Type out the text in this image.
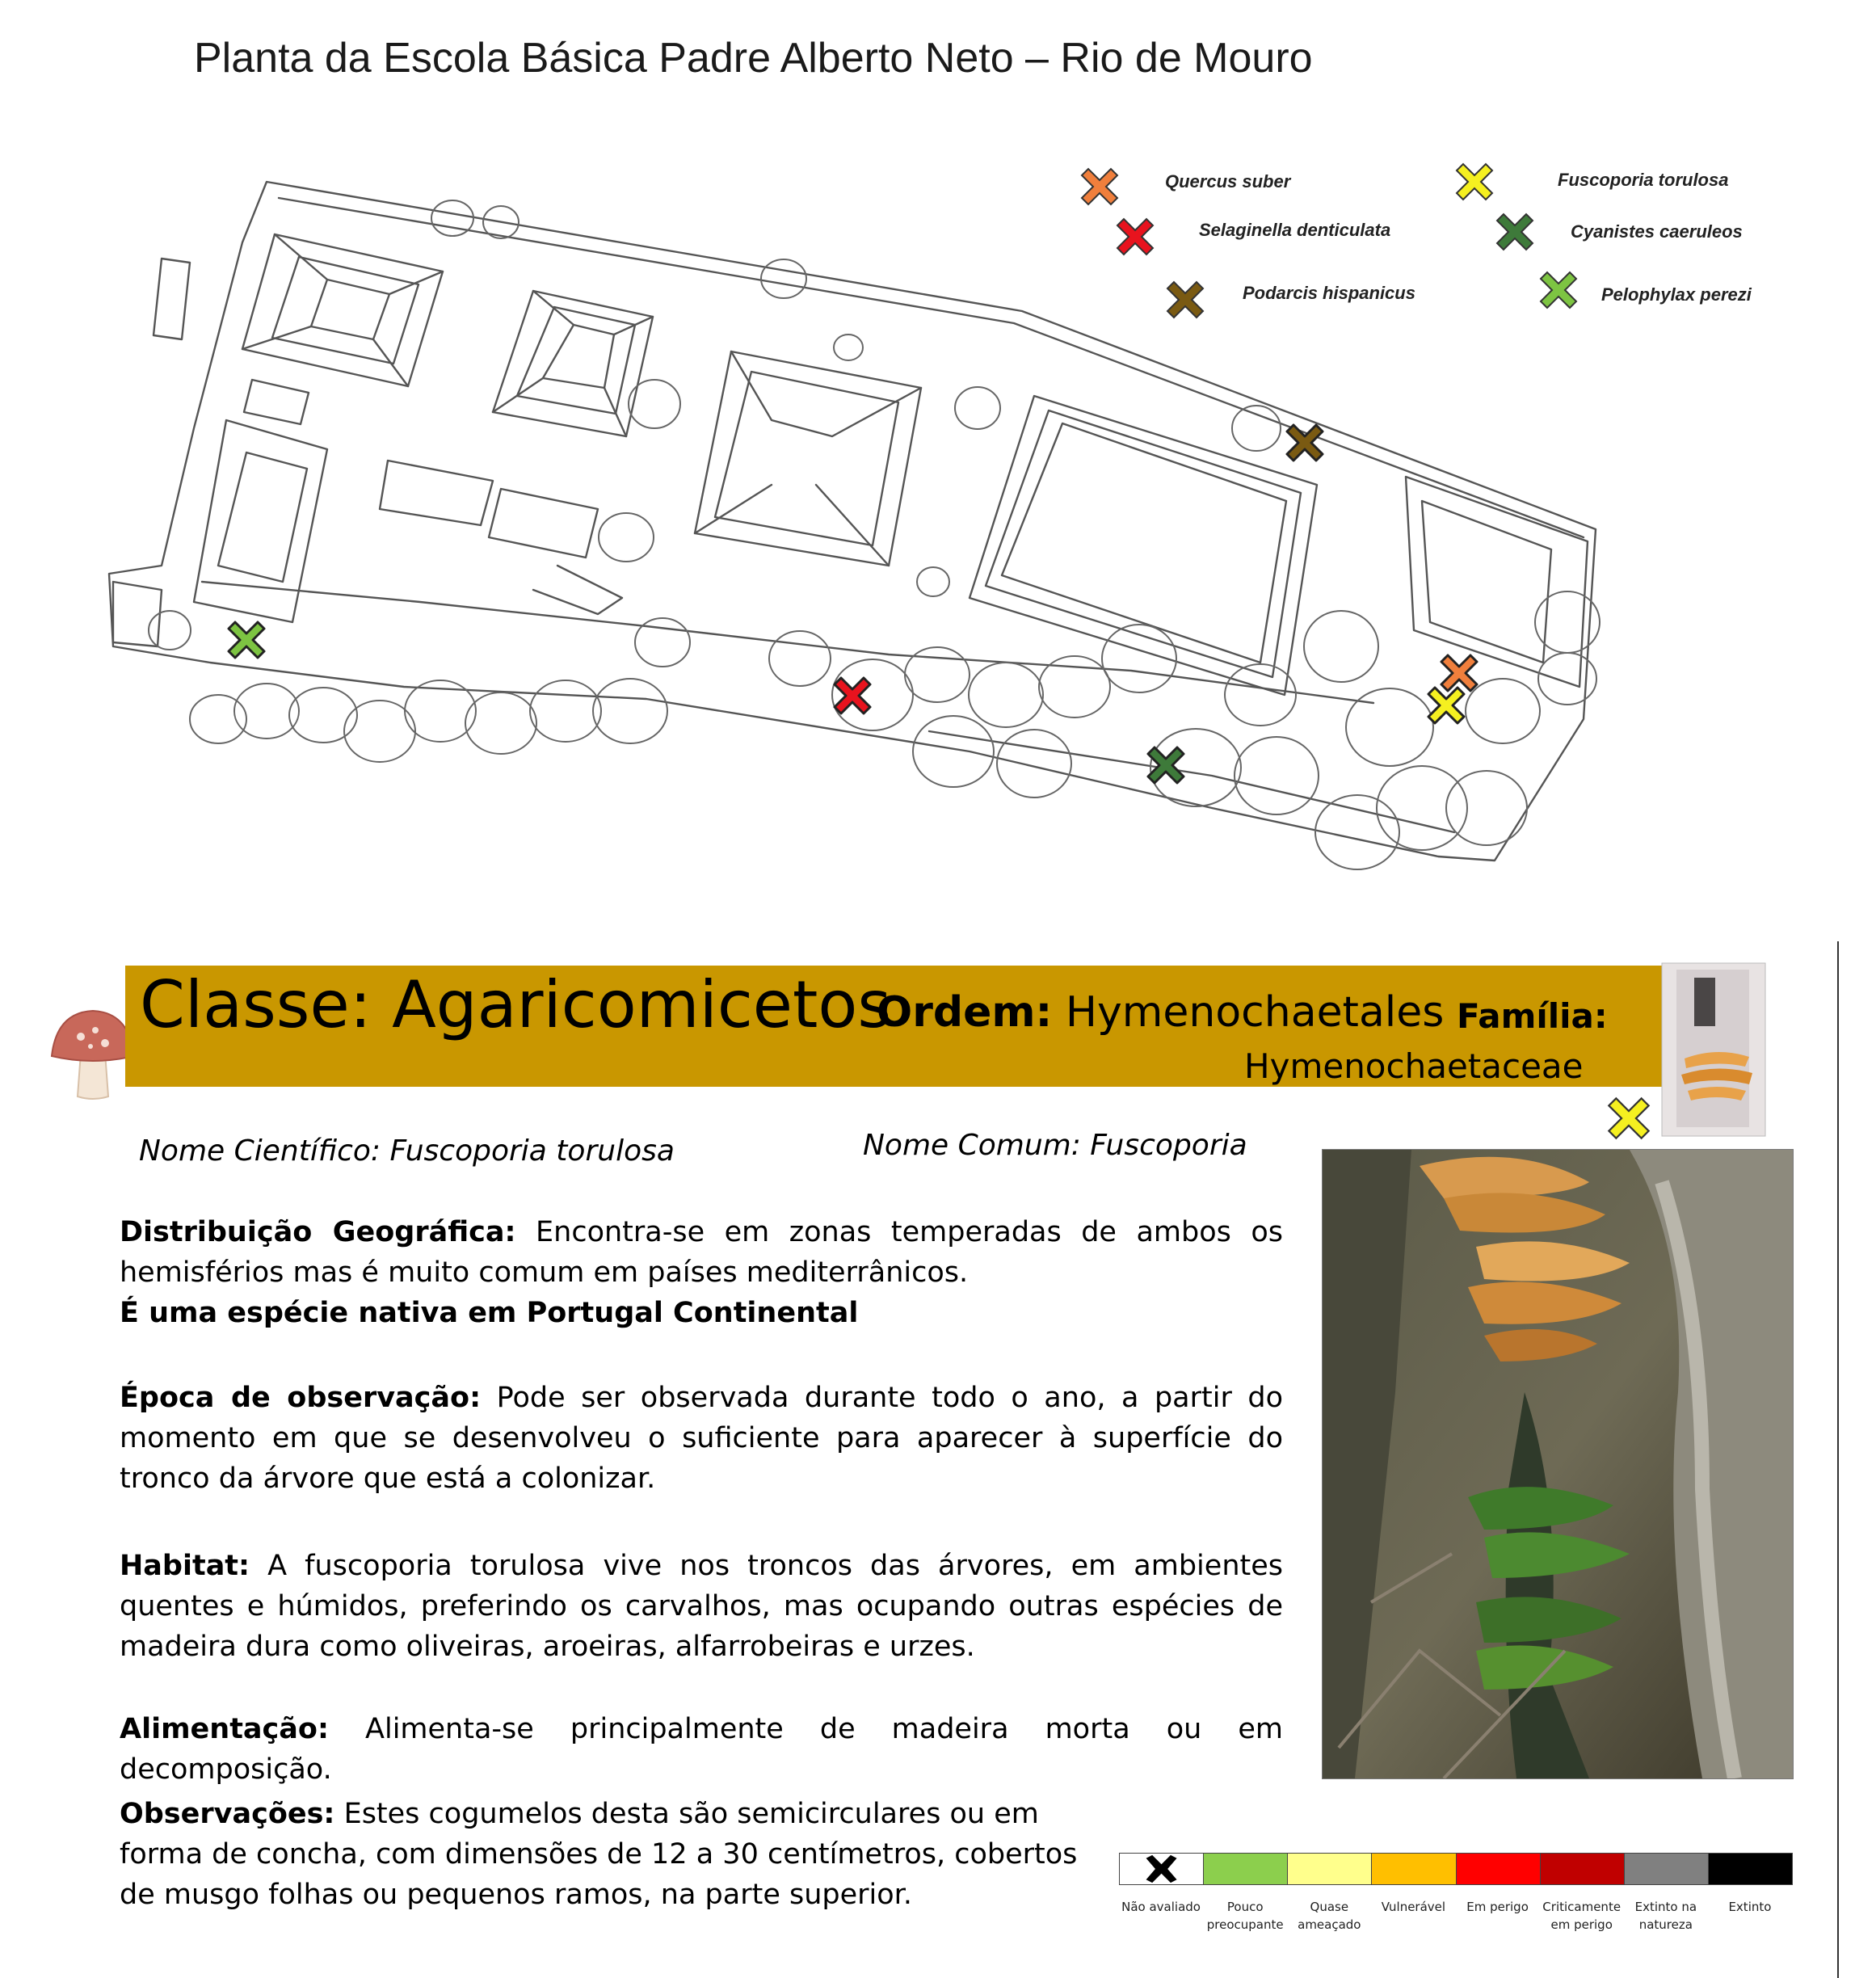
Planta da Escola Básica Padre Alberto Neto – Rio de Mouro
Quercus suber
Selaginella denticulata
Podarcis hispanicus
Fuscoporia torulosa
Cyanistes caeruleos
Pelophylax perezi
Classe: Agaricomicetos
Ordem: Hymenochaetales Família:
Hymenochaetaceae
Nome Científico: Fuscoporia torulosa	Nome Comum: Fuscoporia
Distribuição Geográfica: Encontra-se em zonas temperadas de ambos os hemisférios mas é muito comum em países mediterrânicos.
É uma espécie nativa em Portugal Continental
Época de observação: Pode ser observada durante todo o ano, a partir do momento em que se desenvolveu o suficiente para aparecer à superfície do tronco da árvore que está a colonizar.
Habitat: A fuscoporia torulosa vive nos troncos das árvores, em ambientes quentes e húmidos, preferindo os carvalhos, mas ocupando outras espécies de madeira dura como oliveiras, aroeiras, alfarrobeiras e urzes.
Alimentação: Alimenta-se principalmente de madeira morta ou em decomposição.
Observações: Estes cogumelos desta são semicirculares ou em forma de concha, com dimensões de 12 a 30 centímetros, cobertos de musgo folhas ou pequenos ramos, na parte superior.	Não avaliado	Pouco preocupante
Quase ameaçado
Vulnerável	Em perigo	Criticamente em perigo
Extinto na natureza
Extinto
